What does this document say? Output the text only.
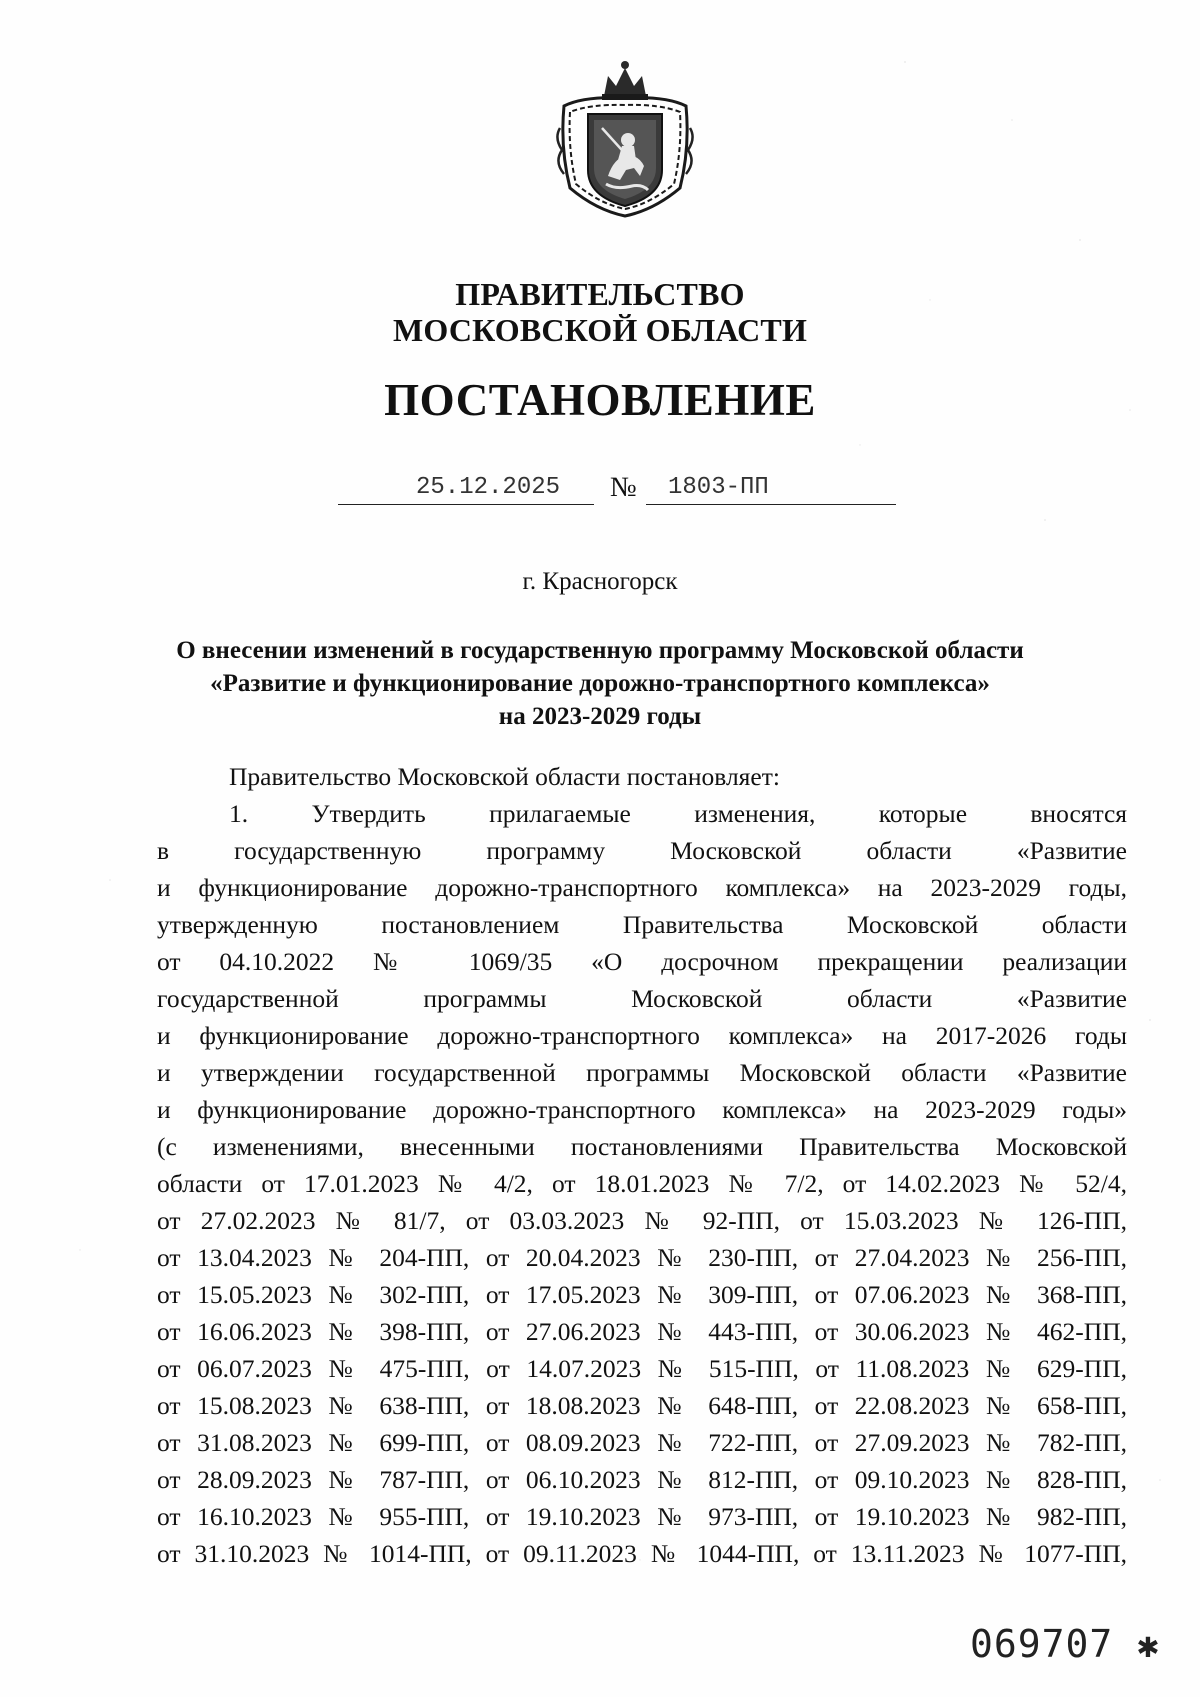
ПРАВИТЕЛЬСТВО
МОСКОВСКОЙ ОБЛАСТИ
ПОСТАНОВЛЕНИЕ
25.12.2025 № 1803-ПП
г. Красногорск
О внесении изменений в государственную программу Московской области
«Развитие и функционирование дорожно-транспортного комплекса»
на 2023-2029 годы
Правительство Московской области постановляет:
1. Утвердить прилагаемые изменения, которые вносятся
в государственную программу Московской области «Развитие
и функционирование дорожно-транспортного комплекса» на 2023-2029 годы,
утвержденную постановлением Правительства Московской области
от 04.10.2022 № 1069/35 «О досрочном прекращении реализации
государственной программы Московской области «Развитие
и функционирование дорожно-транспортного комплекса» на 2017-2026 годы
и утверждении государственной программы Московской области «Развитие
и функционирование дорожно-транспортного комплекса» на 2023-2029 годы»
(с изменениями, внесенными постановлениями Правительства Московской
области от 17.01.2023 № 4/2, от 18.01.2023 № 7/2, от 14.02.2023 № 52/4,
от 27.02.2023 № 81/7, от 03.03.2023 № 92-ПП, от 15.03.2023 № 126-ПП,
от 13.04.2023 № 204-ПП, от 20.04.2023 № 230-ПП, от 27.04.2023 № 256-ПП,
от 15.05.2023 № 302-ПП, от 17.05.2023 № 309-ПП, от 07.06.2023 № 368-ПП,
от 16.06.2023 № 398-ПП, от 27.06.2023 № 443-ПП, от 30.06.2023 № 462-ПП,
от 06.07.2023 № 475-ПП, от 14.07.2023 № 515-ПП, от 11.08.2023 № 629-ПП,
от 15.08.2023 № 638-ПП, от 18.08.2023 № 648-ПП, от 22.08.2023 № 658-ПП,
от 31.08.2023 № 699-ПП, от 08.09.2023 № 722-ПП, от 27.09.2023 № 782-ПП,
от 28.09.2023 № 787-ПП, от 06.10.2023 № 812-ПП, от 09.10.2023 № 828-ПП,
от 16.10.2023 № 955-ПП, от 19.10.2023 № 973-ПП, от 19.10.2023 № 982-ПП,
от 31.10.2023 № 1014-ПП, от 09.11.2023 № 1044-ПП, от 13.11.2023 № 1077-ПП,
069707 ✱
